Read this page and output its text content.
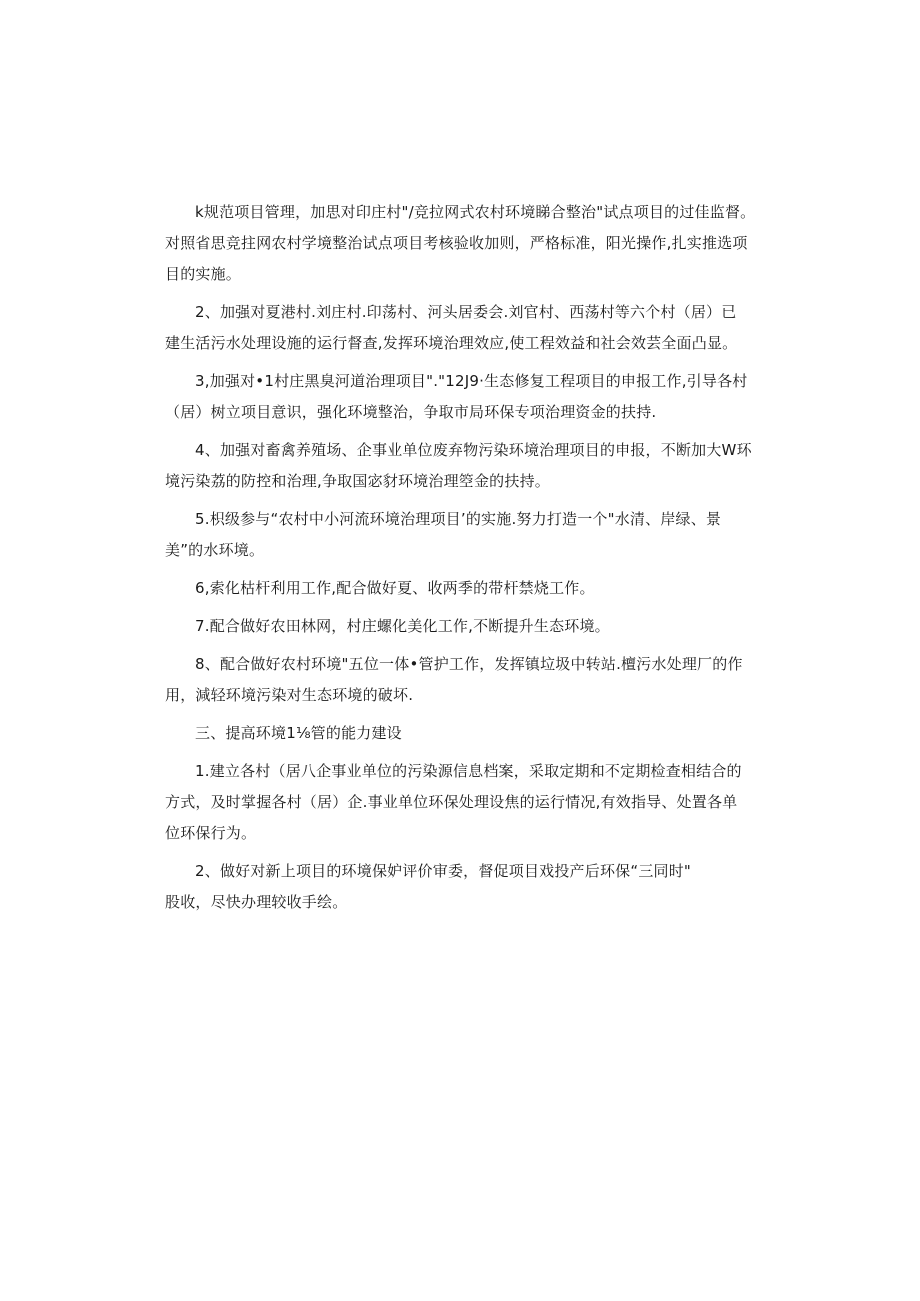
k规范项目管理，加思对印庄村"/竞拉网式农村环境睇合整治"试点项目的过佳监督。
对照省思竞拄网农村学境整治试点项目考核验收加则，严格标准，阳光操作,扎实推选项
目的实施。
2、加强对夏港村.刘庄村.印荡村、河头居委会.刘官村、西荡村等六个村（居）已
建生活污水处理设施的运行督查,发挥环境治理效应,使工程效益和社会效芸全面凸显。
3,加强对•1村庄黑臭河道治理项目"."12J9·生态修复工程项目的申报工作,引导各村
（居）树立项目意识，强化环境整治，争取市局环保专项治理资金的扶持.
4、加强对畜禽养殖场、企事业单位废弃物污染环境治理项目的申报，不断加大W环
境污染荔的防控和治理,争取国宓豺环境治理箜金的扶持。
5.枳级参与“农村中小河流环境治理项目’的实施.努力打造一个"水清、岸绿、景
美”的水环境。
6,索化枯杆利用工作,配合做好夏、收两季的带杆禁烧工作。
7.配合做好农田林网，村庄螺化美化工作,不断提升生态环境。
8、配合做好农村环境"五位一体•管护工作，发挥镇垃圾中转站.檀污水处理厂的作
用，減轻环境污染对生态环境的破坏.
三、提高环境1⅛管的能力建设
1.建立各村（居八企事业单位的污染源信息档案，采取定期和不定期检查相结合的
方式，及时掌握各村（居）企.事业单位环保处理设焦的运行情况,有效指导、处置各单
位环保行为。
2、做好对新上项目的环境保妒评价审委，督促项目戏投产后环保“三同时"
股收，尽快办理较收手绘。
